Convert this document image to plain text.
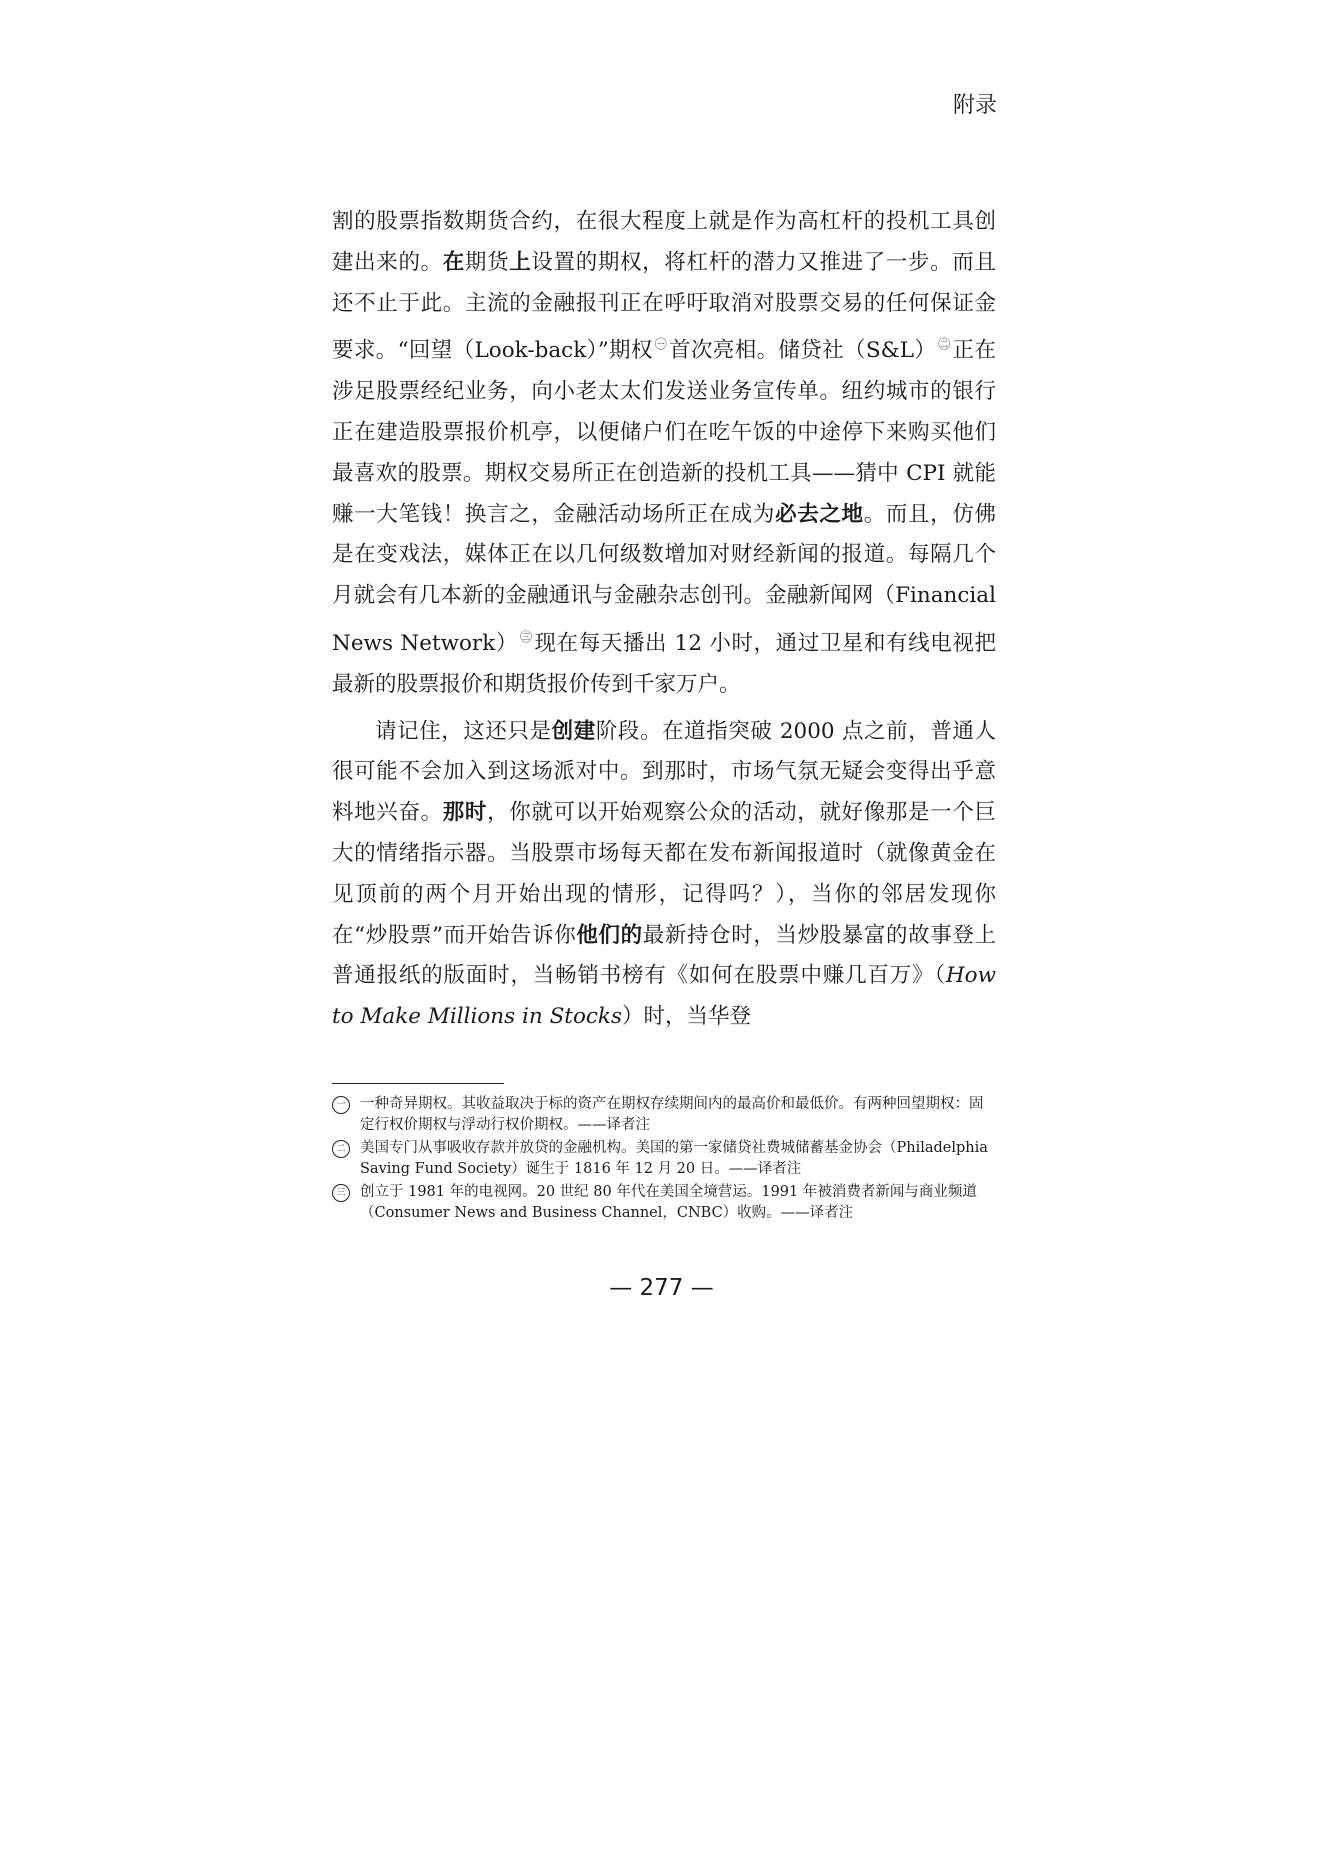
附录

割的股票指数期货合约，在很大程度上就是作为高杠杆的投机工具创建出来的。在期货上设置的期权，将杠杆的潜力又推进了一步。而且还不止于此。主流的金融报刊正在呼吁取消对股票交易的任何保证金要求。“回望（Look-back）”期权 $^㊀$首次亮相。储贷社（S&L） $^㊁$正在涉足股票经纪业务，向小老太太们发送业务宣传单。纽约城市的银行正在建造股票报价机亭，以便储户们在吃午饭的中途停下来购买他们最喜欢的股票。期权交易所正在创造新的投机工具——猜中 CPI 就能赚一大笔钱！换言之，金融活动场所正在成为必去之地。而且，仿佛是在变戏法，媒体正在以几何级数增加对财经新闻的报道。每隔几个月就会有几本新的金融通讯与金融杂志创刊。金融新闻网（Financial News Network） $^㊂$现在每天播出 12 小时，通过卫星和有线电视把最新的股票报价和期货报价传到千家万户。

请记住，这还只是创建阶段。在道指突破 2000 点之前，普通人很可能不会加入到这场派对中。到那时，市场气氛无疑会变得出乎意料地兴奋。那时，你就可以开始观察公众的活动，就好像那是一个巨大的情绪指示器。当股票市场每天都在发布新闻报道时（就像黄金在见顶前的两个月开始出现的情形，记得吗？），当你的邻居发现你在“炒股票”而开始告诉你他们的最新持仓时，当炒股暴富的故事登上普通报纸的版面时，当畅销书榜有《如何在股票中赚几百万》（How to Make Millions in Stocks）时，当华登

一	一种奇异期权。其收益取决于标的资产在期权存续期间内的最高价和最低价。有两种回望期权：固定行权价期权与浮动行权价期权。——译者注
二	美国专门从事吸收存款并放贷的金融机构。美国的第一家储贷社费城储蓄基金协会（Philadelphia Saving Fund Society）诞生于 1816 年 12 月 20 日。——译者注
三	创立于 1981 年的电视网。20 世纪 80 年代在美国全境营运。1991 年被消费者新闻与商业频道（Consumer News and Business Channel，CNBC）收购。——译者注
— 277 —
